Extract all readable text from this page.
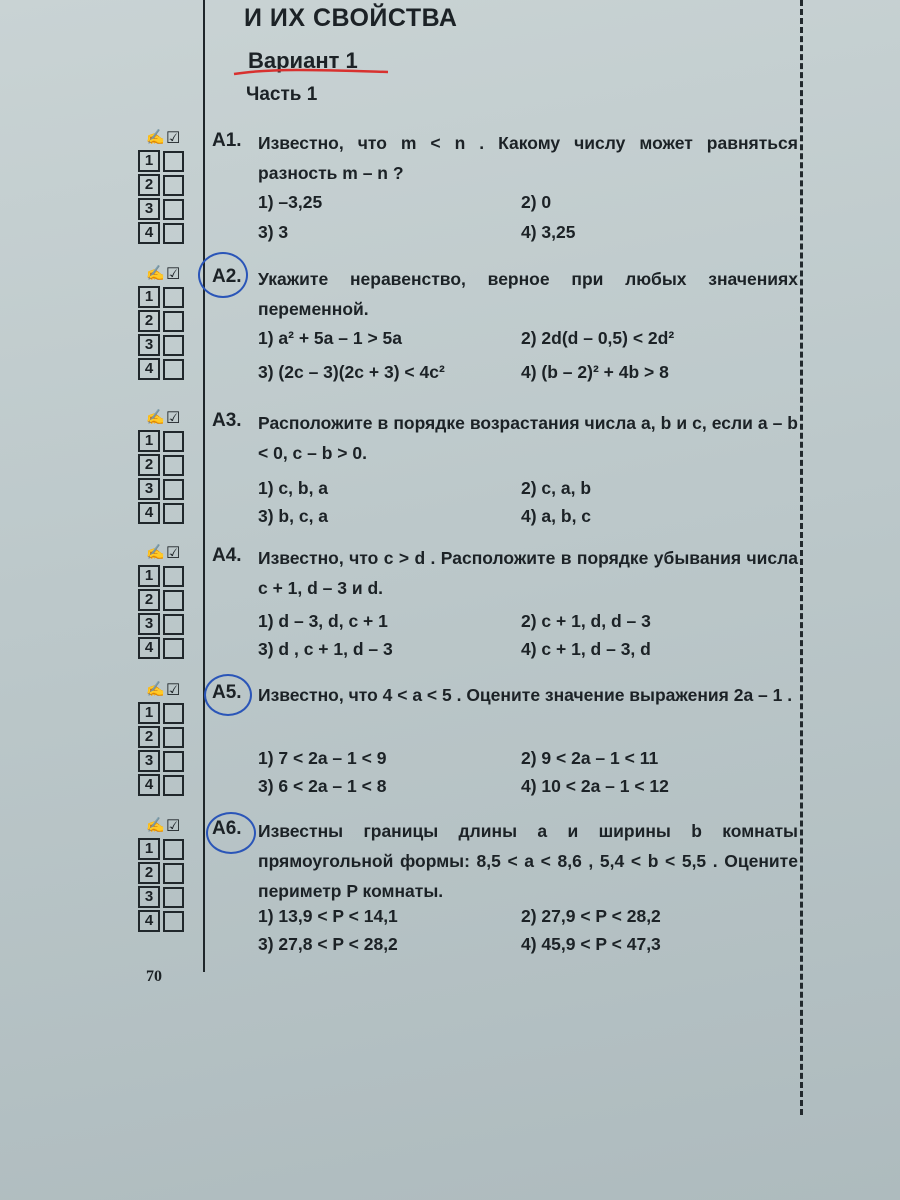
И ИХ СВОЙСТВА
Вариант 1
Часть 1
✍ ☑
1
2
3
4
А1. Известно, что m < n . Какому числу может равняться разность m – n ?
1) –3,25	2) 0
3) 3	4) 3,25
✍ ☑
1
2
3
4
А2. Укажите неравенство, верное при любых значениях переменной.
1) a² + 5a – 1 > 5a	2) 2d(d – 0,5) < 2d²
3) (2c – 3)(2c + 3) < 4c²	4) (b – 2)² + 4b > 8
✍ ☑
1
2
3
4
А3. Расположите в порядке возрастания числа a, b и c, если a – b < 0, c – b > 0.
1) c, b, a	2) c, a, b
3) b, c, a	4) a, b, c
✍ ☑
1
2
3
4
А4. Известно, что c > d . Расположите в порядке убывания числа c + 1, d – 3 и d.
1) d – 3, d, c + 1	2) c + 1, d, d – 3
3) d , c + 1, d – 3	4) c + 1, d – 3, d
✍ ☑
1
2
3
4
А5. Известно, что 4 < a < 5 . Оцените значение выражения 2a – 1 .
1) 7 < 2a – 1 < 9	2) 9 < 2a – 1 < 11
3) 6 < 2a – 1 < 8	4) 10 < 2a – 1 < 12
✍ ☑
1
2
3
4
А6. Известны границы длины a и ширины b комнаты прямоугольной формы: 8,5 < a < 8,6 , 5,4 < b < 5,5 . Оцените периметр P комнаты.
1) 13,9 < P < 14,1	2) 27,9 < P < 28,2
3) 27,8 < P < 28,2	4) 45,9 < P < 47,3
70
